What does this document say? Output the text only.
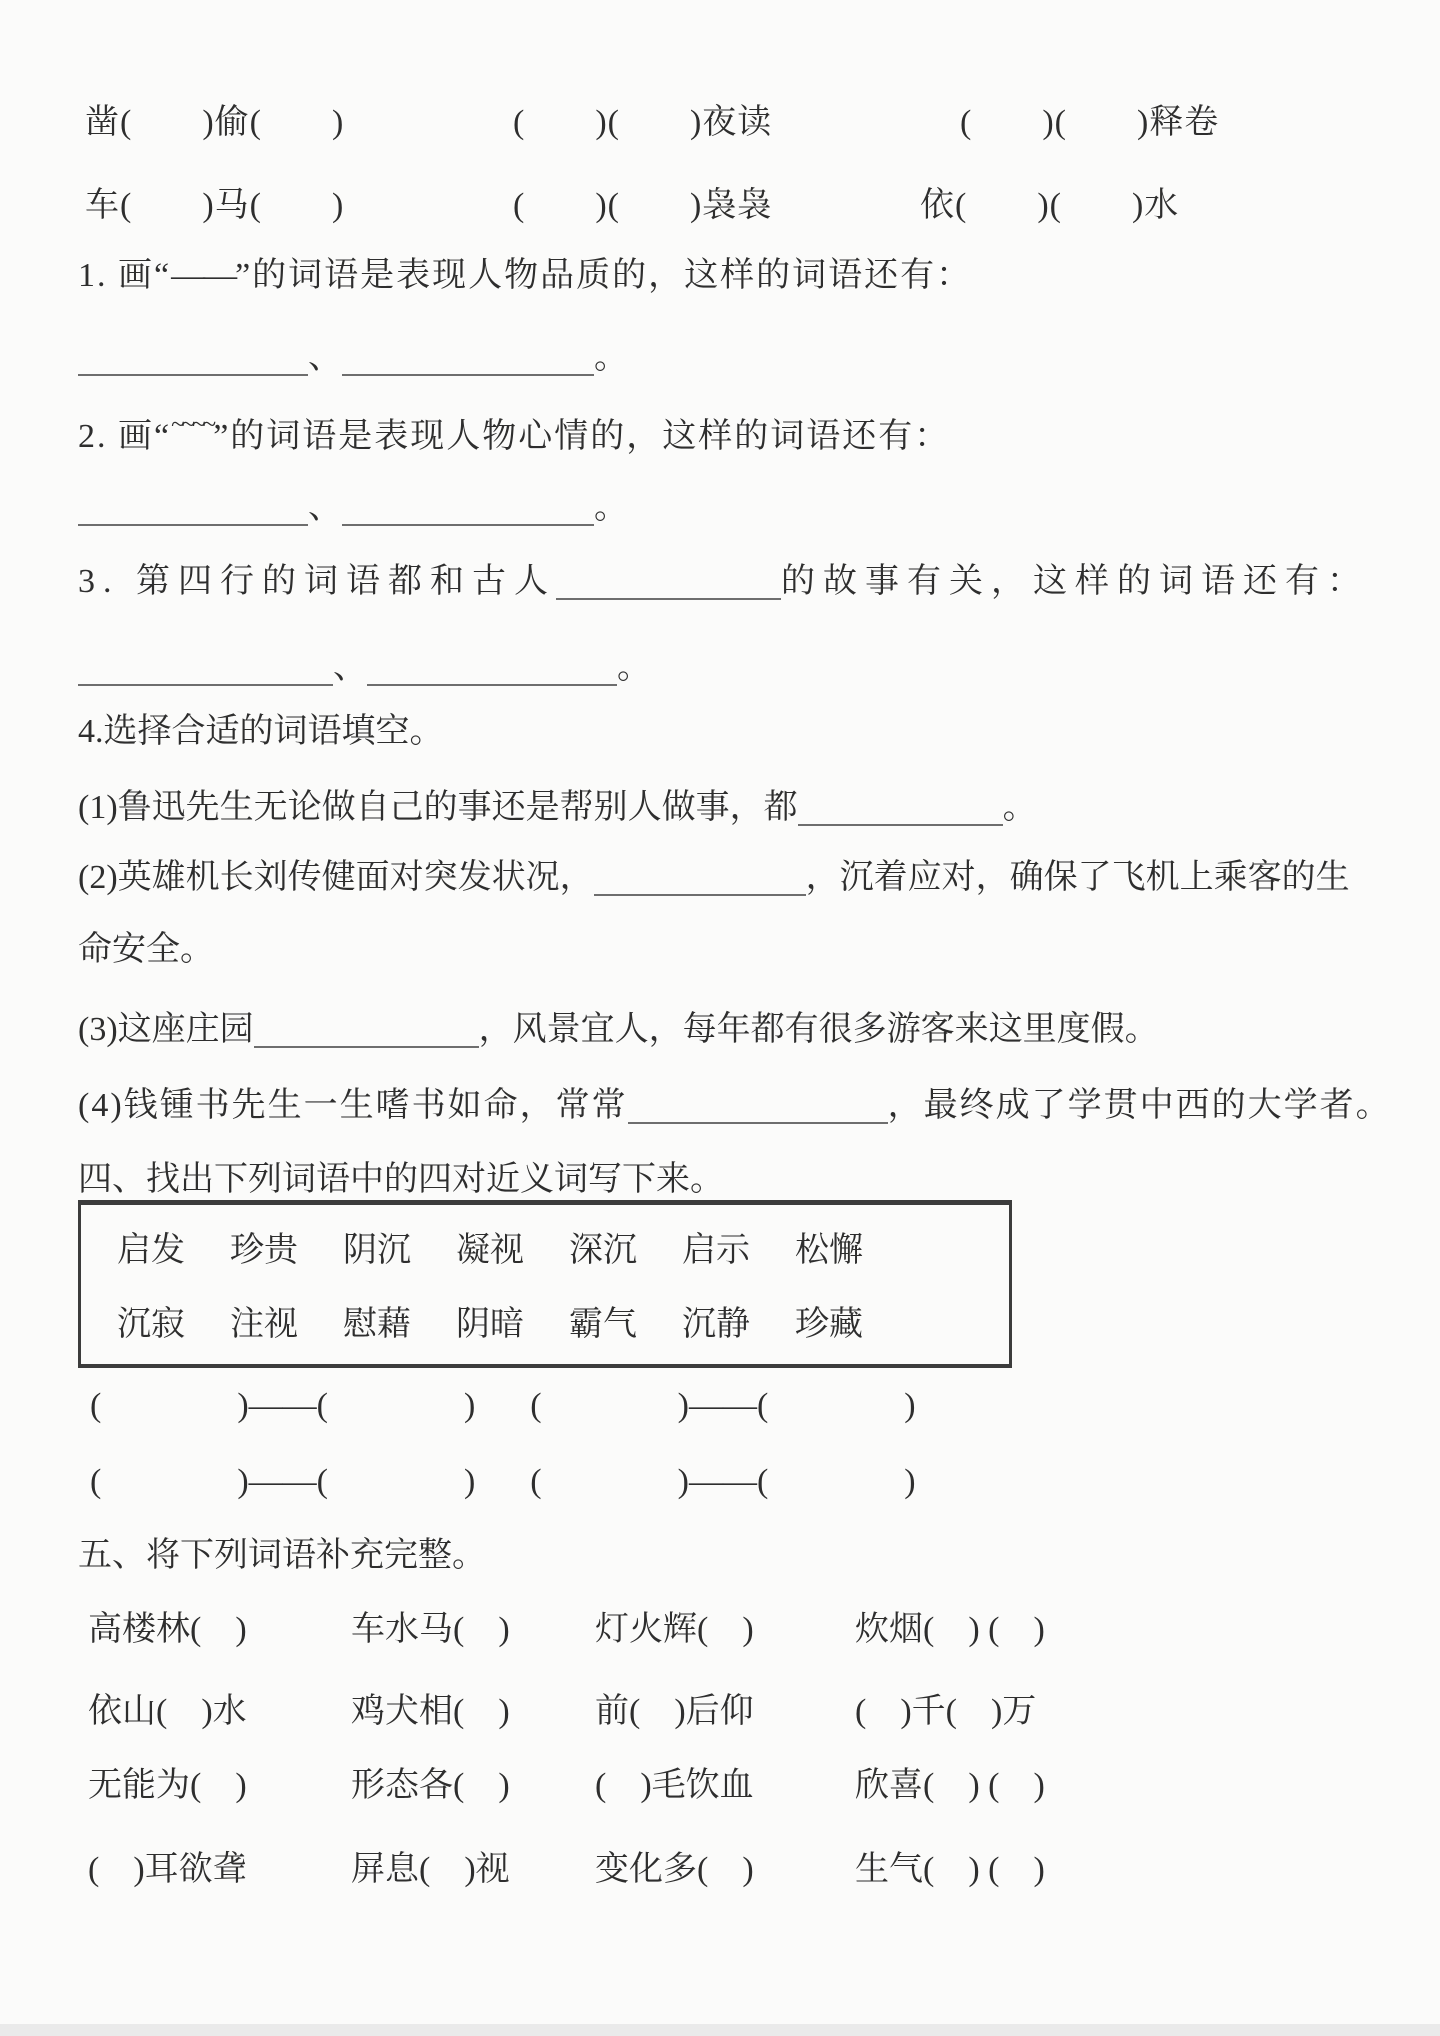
凿(　　)偷(　　)	(　　)(　　)夜读	(　　)(　　)释卷
车(　　)马(　　)	(　　)(　　)袅袅	依(　　)(　　)水
1. 画“——”的词语是表现人物品质的，这样的词语还有：
、	。
2. 画“~~~~”的词语是表现人物心情的，这样的词语还有：
、	。
3. 第四行的词语都和古人	的故事有关，这样的词语还有：
、	。
4.选择合适的词语填空。
(1)鲁迅先生无论做自己的事还是帮别人做事，都	。
(2)英雄机长刘传健面对突发状况，	，沉着应对，确保了飞机上乘客的生
命安全。
(3)这座庄园	，风景宜人，每年都有很多游客来这里度假。
(4)钱锺书先生一生嗜书如命，常常	，最终成了学贯中西的大学者。
四、找出下列词语中的四对近义词写下来。
启发 珍贵 阴沉 凝视 深沉 启示 松懈
沉寂 注视 慰藉 阴暗 霸气 沉静 珍藏
(　　　　)——(　　　　) (　　　　)——(　　　　)
(　　　　)——(　　　　) (　　　　)——(　　　　)
五、将下列词语补充完整。
高楼林(　)	车水马(　)	灯火辉(　)	炊烟(　) (　)
依山(　)水	鸡犬相(　)	前(　)后仰	(　)千(　)万
无能为(　)	形态各(　)	(　)毛饮血	欣喜(　) (　)
(　)耳欲聋	屏息(　)视	变化多(　)	生气(　) (　)
